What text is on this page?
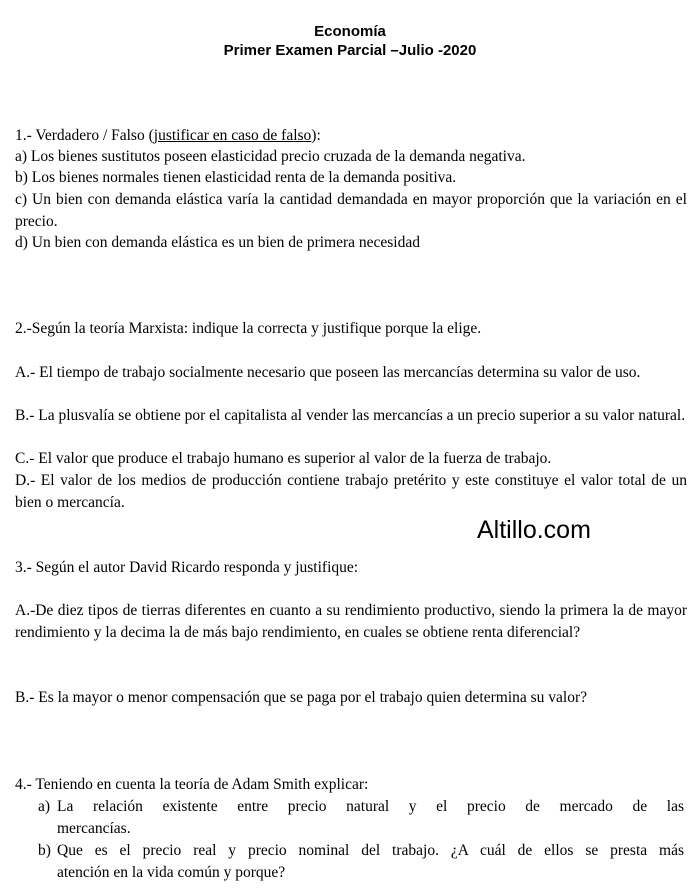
Economía
Primer Examen Parcial –Julio -2020
1.- Verdadero / Falso (justificar en caso de falso):
a) Los bienes sustitutos poseen elasticidad precio cruzada de la demanda negativa.
b) Los bienes normales tienen elasticidad renta de la demanda positiva.
c) Un bien con demanda elástica varía la cantidad demandada en mayor proporción que la variación en el precio.
d) Un bien con demanda elástica es un bien de primera necesidad
2.-Según la teoría Marxista: indique la correcta y justifique porque la elige.
A.- El tiempo de trabajo socialmente necesario que poseen las mercancías determina su valor de uso.
B.- La plusvalía se obtiene por el capitalista al vender las mercancías a un precio superior a su valor natural.
C.- El valor que produce el trabajo humano es superior al valor de la fuerza de trabajo.
D.- El valor de los medios de producción contiene trabajo pretérito y este constituye el valor total de un bien o mercancía.
Altillo.com
3.- Según el autor David Ricardo responda y justifique:
A.-De diez tipos de tierras diferentes en cuanto a su rendimiento productivo, siendo la primera la de mayor rendimiento y la decima la de más bajo rendimiento, en cuales se obtiene renta diferencial?
B.- Es la mayor o menor compensación que se paga por el trabajo quien determina su valor?
4.- Teniendo en cuenta la teoría de Adam Smith explicar:
a) La relación existente entre precio natural y el precio de mercado de las
mercancías.
b) Que es el precio real y precio nominal del trabajo. ¿A cuál de ellos se presta más
atención en la vida común y porque?
